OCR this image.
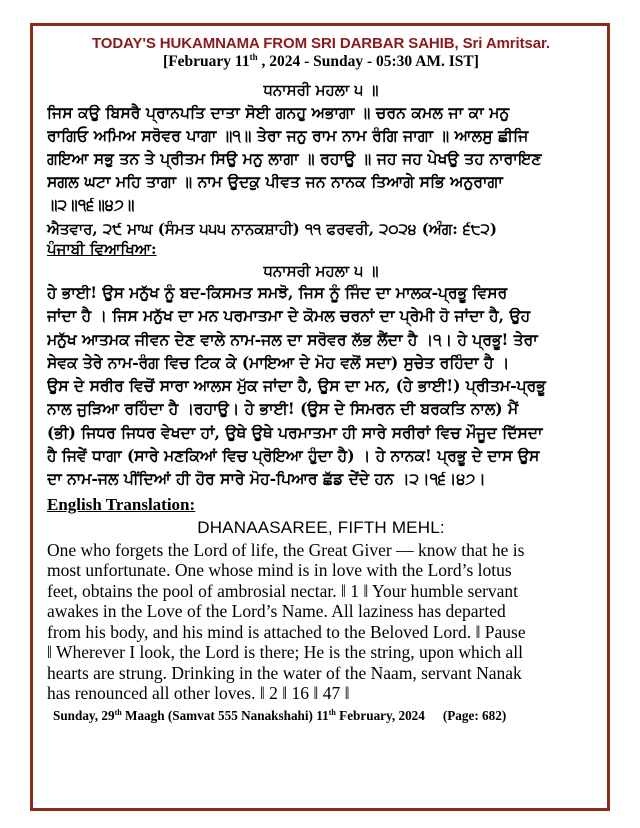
TODAY'S HUKAMNAMA FROM SRI DARBAR SAHIB, Sri Amritsar.
[February 11th , 2024 - Sunday - 05:30 AM. IST]
ਧਨਾਸਰੀ ਮਹਲਾ ੫ ॥
ਜਿਸ ਕਉ ਬਿਸਰੈ ਪ੍ਰਾਨਪਤਿ ਦਾਤਾ ਸੋਈ ਗਨਹੁ ਅਭਾਗਾ ॥ ਚਰਨ ਕਮਲ ਜਾ ਕਾ ਮਨੁ
ਰਾਗਿਓ ਅਮਿਅ ਸਰੋਵਰ ਪਾਗਾ ॥੧॥ ਤੇਰਾ ਜਨੁ ਰਾਮ ਨਾਮ ਰੰਗਿ ਜਾਗਾ ॥ ਆਲਸੁ ਛੀਜਿ
ਗਇਆ ਸਭੁ ਤਨ ਤੇ ਪ੍ਰੀਤਮ ਸਿਉ ਮਨੁ ਲਾਗਾ ॥ ਰਹਾਉ ॥ ਜਹ ਜਹ ਪੇਖਉ ਤਹ ਨਾਰਾਇਣ
ਸਗਲ ਘਟਾ ਮਹਿ ਤਾਗਾ ॥ ਨਾਮ ਉਦਕੁ ਪੀਵਤ ਜਨ ਨਾਨਕ ਤਿਆਗੇ ਸਭਿ ਅਨੁਰਾਗਾ
॥੨॥੧੬॥੪੭॥
ਐਤਵਾਰ, ੨੯ ਮਾਘ (ਸੰਮਤ ੫੫੫ ਨਾਨਕਸ਼ਾਹੀ) ੧੧ ਫਰਵਰੀ, ੨੦੨੪ (ਅੰਗ: ੬੮੨)
ਪੰਜਾਬੀ ਵਿਆਖਿਆ:
ਧਨਾਸਰੀ ਮਹਲਾ ੫ ॥
ਹੇ ਭਾਈ! ਉਸ ਮਨੁੱਖ ਨੂੰ ਬਦ-ਕਿਸਮਤ ਸਮਝੋ, ਜਿਸ ਨੂੰ ਜਿੰਦ ਦਾ ਮਾਲਕ-ਪ੍ਰਭੂ ਵਿਸਰ
ਜਾਂਦਾ ਹੈ । ਜਿਸ ਮਨੁੱਖ ਦਾ ਮਨ ਪਰਮਾਤਮਾ ਦੇ ਕੋਮਲ ਚਰਨਾਂ ਦਾ ਪ੍ਰੇਮੀ ਹੋ ਜਾਂਦਾ ਹੈ, ਉਹ
ਮਨੁੱਖ ਆਤਮਕ ਜੀਵਨ ਦੇਣ ਵਾਲੇ ਨਾਮ-ਜਲ ਦਾ ਸਰੋਵਰ ਲੱਭ ਲੈਂਦਾ ਹੈ ।੧। ਹੇ ਪ੍ਰਭੂ! ਤੇਰਾ
ਸੇਵਕ ਤੇਰੇ ਨਾਮ-ਰੰਗ ਵਿਚ ਟਿਕ ਕੇ (ਮਾਇਆ ਦੇ ਮੋਹ ਵਲੋਂ ਸਦਾ) ਸੁਚੇਤ ਰਹਿੰਦਾ ਹੈ ।
ਉਸ ਦੇ ਸਰੀਰ ਵਿਚੋਂ ਸਾਰਾ ਆਲਸ ਮੁੱਕ ਜਾਂਦਾ ਹੈ, ਉਸ ਦਾ ਮਨ, (ਹੇ ਭਾਈ!) ਪ੍ਰੀਤਮ-ਪ੍ਰਭੂ
ਨਾਲ ਜੁੜਿਆ ਰਹਿੰਦਾ ਹੈ ।ਰਹਾਉ। ਹੇ ਭਾਈ! (ਉਸ ਦੇ ਸਿਮਰਨ ਦੀ ਬਰਕਤਿ ਨਾਲ) ਮੈਂ
(ਭੀ) ਜਿਧਰ ਜਿਧਰ ਵੇਖਦਾ ਹਾਂ, ਉਥੇ ਉਥੇ ਪਰਮਾਤਮਾ ਹੀ ਸਾਰੇ ਸਰੀਰਾਂ ਵਿਚ ਮੌਜੂਦ ਦਿੱਸਦਾ
ਹੈ ਜਿਵੇਂ ਧਾਗਾ (ਸਾਰੇ ਮਣਕਿਆਂ ਵਿਚ ਪ੍ਰੋਇਆ ਹੁੰਦਾ ਹੈ) । ਹੇ ਨਾਨਕ! ਪ੍ਰਭੂ ਦੇ ਦਾਸ ਉਸ
ਦਾ ਨਾਮ-ਜਲ ਪੀਂਦਿਆਂ ਹੀ ਹੋਰ ਸਾਰੇ ਮੋਹ-ਪਿਆਰ ਛੱਡ ਦੇਂਦੇ ਹਨ ।੨।੧੬।੪੭।
English Translation:
DHANAASAREE, FIFTH MEHL:
One who forgets the Lord of life, the Great Giver — know that he is
most unfortunate. One whose mind is in love with the Lord’s lotus
feet, obtains the pool of ambrosial nectar. ‖ 1 ‖ Your humble servant
awakes in the Love of the Lord’s Name. All laziness has departed
from his body, and his mind is attached to the Beloved Lord. ‖ Pause
‖ Wherever I look, the Lord is there; He is the string, upon which all
hearts are strung. Drinking in the water of the Naam, servant Nanak
has renounced all other loves. ‖ 2 ‖ 16 ‖ 47 ‖
Sunday, 29th Maagh (Samvat 555 Nanakshahi) 11th February, 2024 (Page: 682)
